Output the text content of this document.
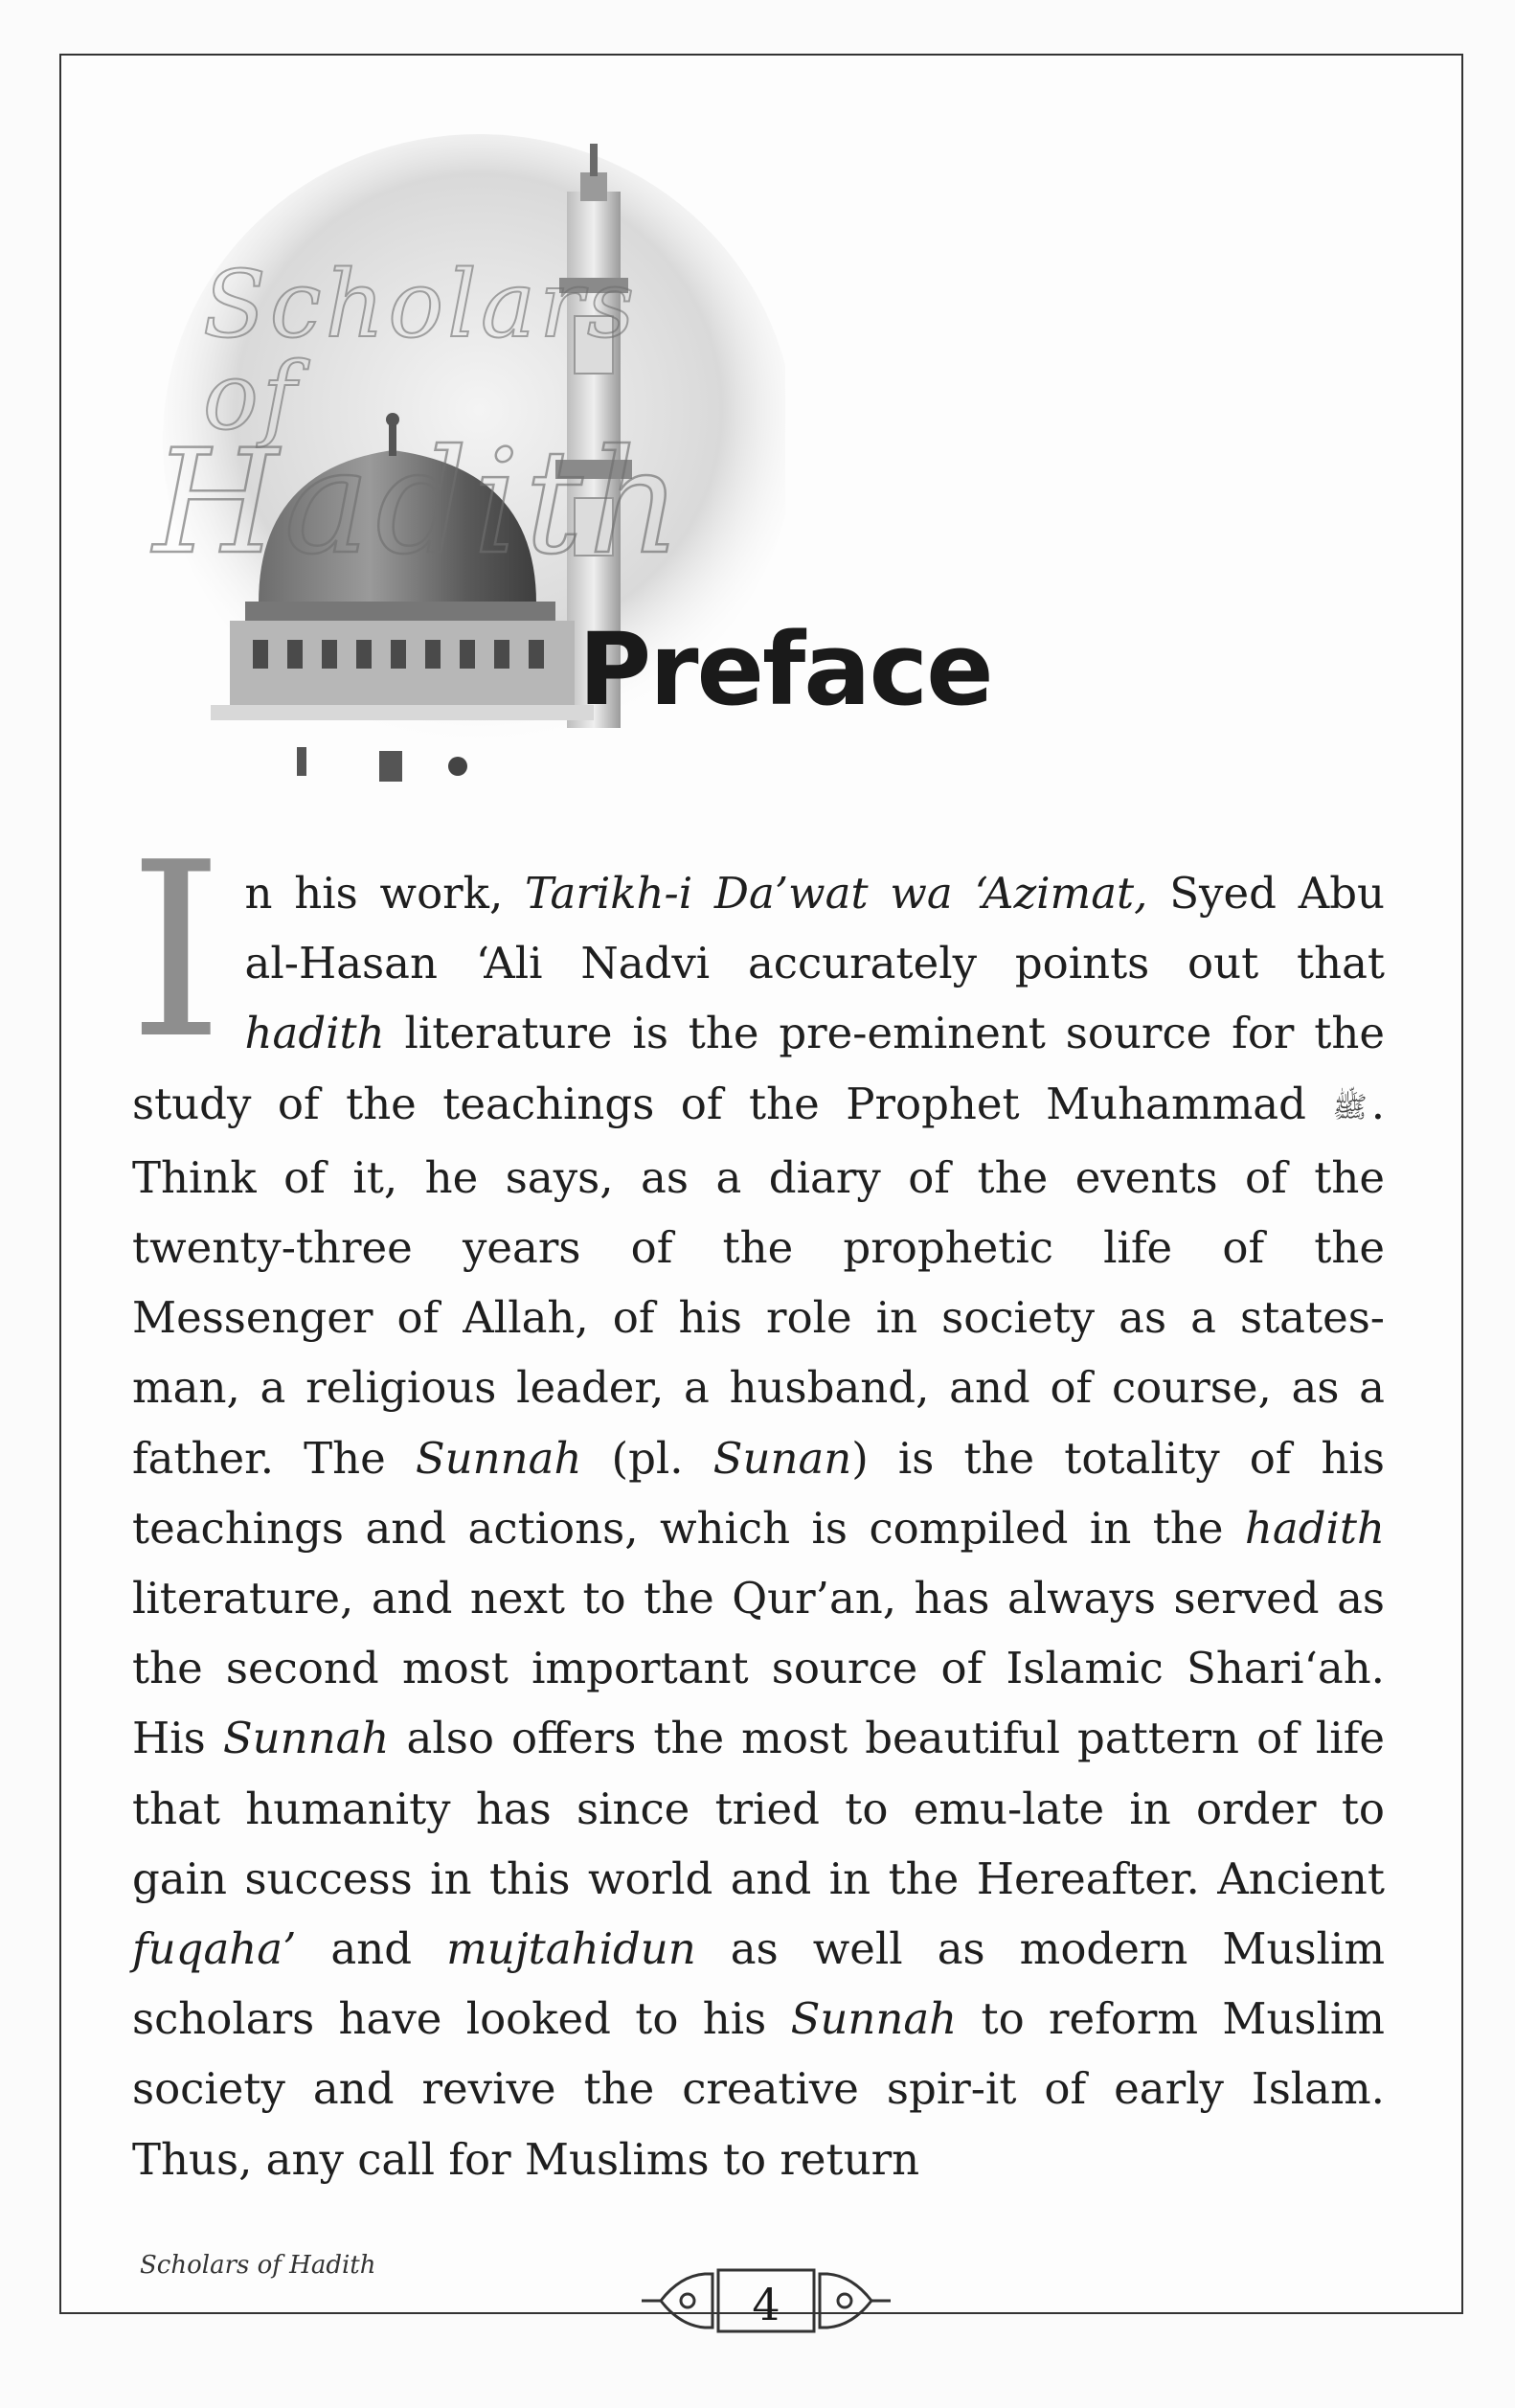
Preface

In his work, Tarikh-i Da’wat wa ‘Azimat, Syed Abu al-Hasan ‘Ali Nadvi accurately points out that hadith literature is the pre-eminent source for the study of the teachings of the Prophet Muhammad ﷺ. Think of it, he says, as a diary of the events of the twenty-three years of the prophetic life of the Messenger of Allah, of his role in society as a states-man, a religious leader, a husband, and of course, as a father. The Sunnah (pl. Sunan) is the totality of his teachings and actions, which is compiled in the hadith literature, and next to the Qur’an, has always served as the second most important source of Islamic Shari‘ah. His Sunnah also offers the most beautiful pattern of life that humanity has since tried to emu-late in order to gain success in this world and in the Hereafter. Ancient fuqaha’ and mujtahidun as well as modern Muslim scholars have looked to his Sunnah to reform Muslim society and revive the creative spir-it of early Islam. Thus, any call for Muslims to return

Scholars of Hadith
4
